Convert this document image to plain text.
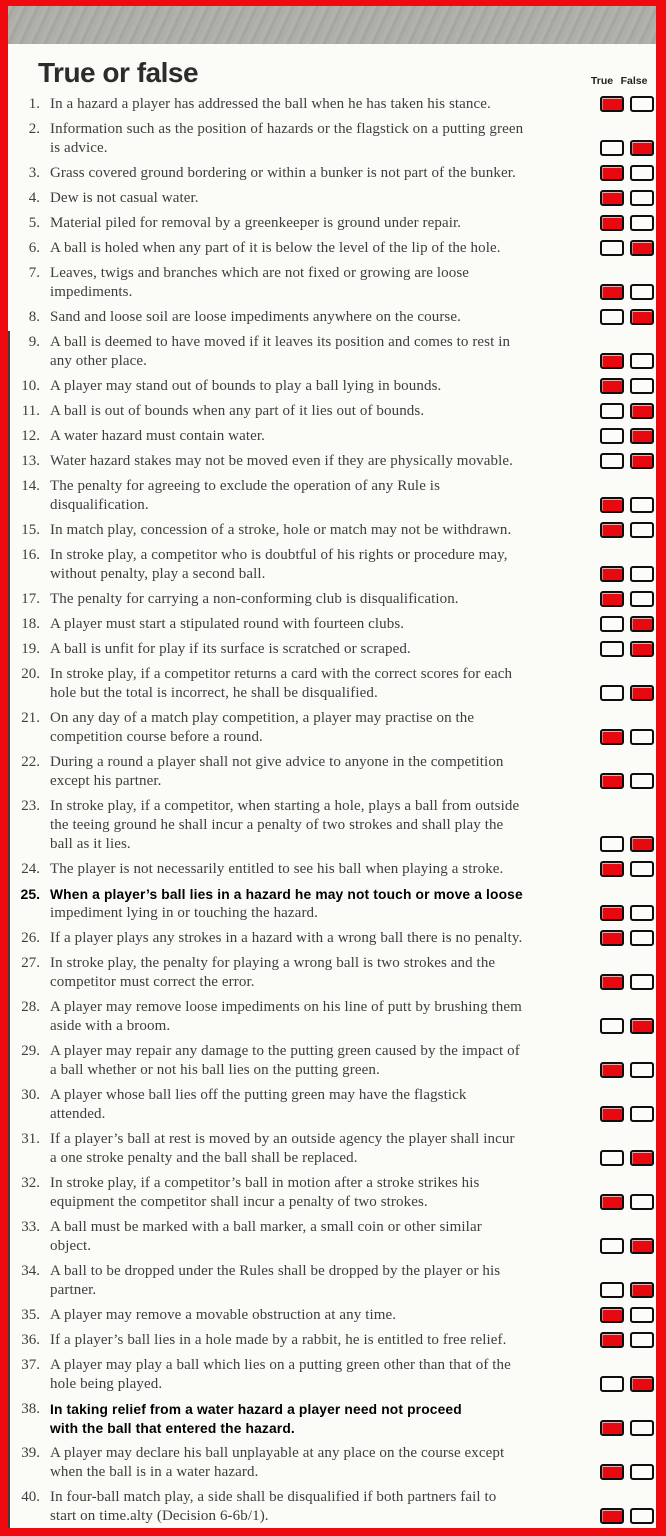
True or false	True False
1. In a hazard a player has addressed the ball when he has taken his stance.
2. Information such as the position of hazards or the flagstick on a putting green
is advice.
3. Grass covered ground bordering or within a bunker is not part of the bunker.
4. Dew is not casual water.
5. Material piled for removal by a greenkeeper is ground under repair.
6. A ball is holed when any part of it is below the level of the lip of the hole.
7. Leaves, twigs and branches which are not fixed or growing are loose
impediments.
8. Sand and loose soil are loose impediments anywhere on the course.
9. A ball is deemed to have moved if it leaves its position and comes to rest in
any other place.
10. A player may stand out of bounds to play a ball lying in bounds.
11. A ball is out of bounds when any part of it lies out of bounds.
12. A water hazard must contain water.
13. Water hazard stakes may not be moved even if they are physically movable.
14. The penalty for agreeing to exclude the operation of any Rule is
disqualification.
15. In match play, concession of a stroke, hole or match may not be withdrawn.
16. In stroke play, a competitor who is doubtful of his rights or procedure may,
without penalty, play a second ball.
17. The penalty for carrying a non-conforming club is disqualification.
18. A player must start a stipulated round with fourteen clubs.
19. A ball is unfit for play if its surface is scratched or scraped.
20. In stroke play, if a competitor returns a card with the correct scores for each
hole but the total is incorrect, he shall be disqualified.
21. On any day of a match play competition, a player may practise on the
competition course before a round.
22. During a round a player shall not give advice to anyone in the competition
except his partner.
23. In stroke play, if a competitor, when starting a hole, plays a ball from outside
the teeing ground he shall incur a penalty of two strokes and shall play the
ball as it lies.
24. The player is not necessarily entitled to see his ball when playing a stroke.
25. When a player’s ball lies in a hazard he may not touch or move a loose
impediment lying in or touching the hazard.
26. If a player plays any strokes in a hazard with a wrong ball there is no penalty.
27. In stroke play, the penalty for playing a wrong ball is two strokes and the
competitor must correct the error.
28. A player may remove loose impediments on his line of putt by brushing them
aside with a broom.
29. A player may repair any damage to the putting green caused by the impact of
a ball whether or not his ball lies on the putting green.
30. A player whose ball lies off the putting green may have the flagstick
attended.
31. If a player’s ball at rest is moved by an outside agency the player shall incur
a one stroke penalty and the ball shall be replaced.
32. In stroke play, if a competitor’s ball in motion after a stroke strikes his
equipment the competitor shall incur a penalty of two strokes.
33. A ball must be marked with a ball marker, a small coin or other similar
object.
34. A ball to be dropped under the Rules shall be dropped by the player or his
partner.
35. A player may remove a movable obstruction at any time.
36. If a player’s ball lies in a hole made by a rabbit, he is entitled to free relief.
37. A player may play a ball which lies on a putting green other than that of the
hole being played.
38. In taking relief from a water hazard a player need not proceed
with the ball that entered the hazard.
39. A player may declare his ball unplayable at any place on the course except
when the ball is in a water hazard.
40. In four-ball match play, a side shall be disqualified if both partners fail to
start on time.alty (Decision 6-6b/1).
